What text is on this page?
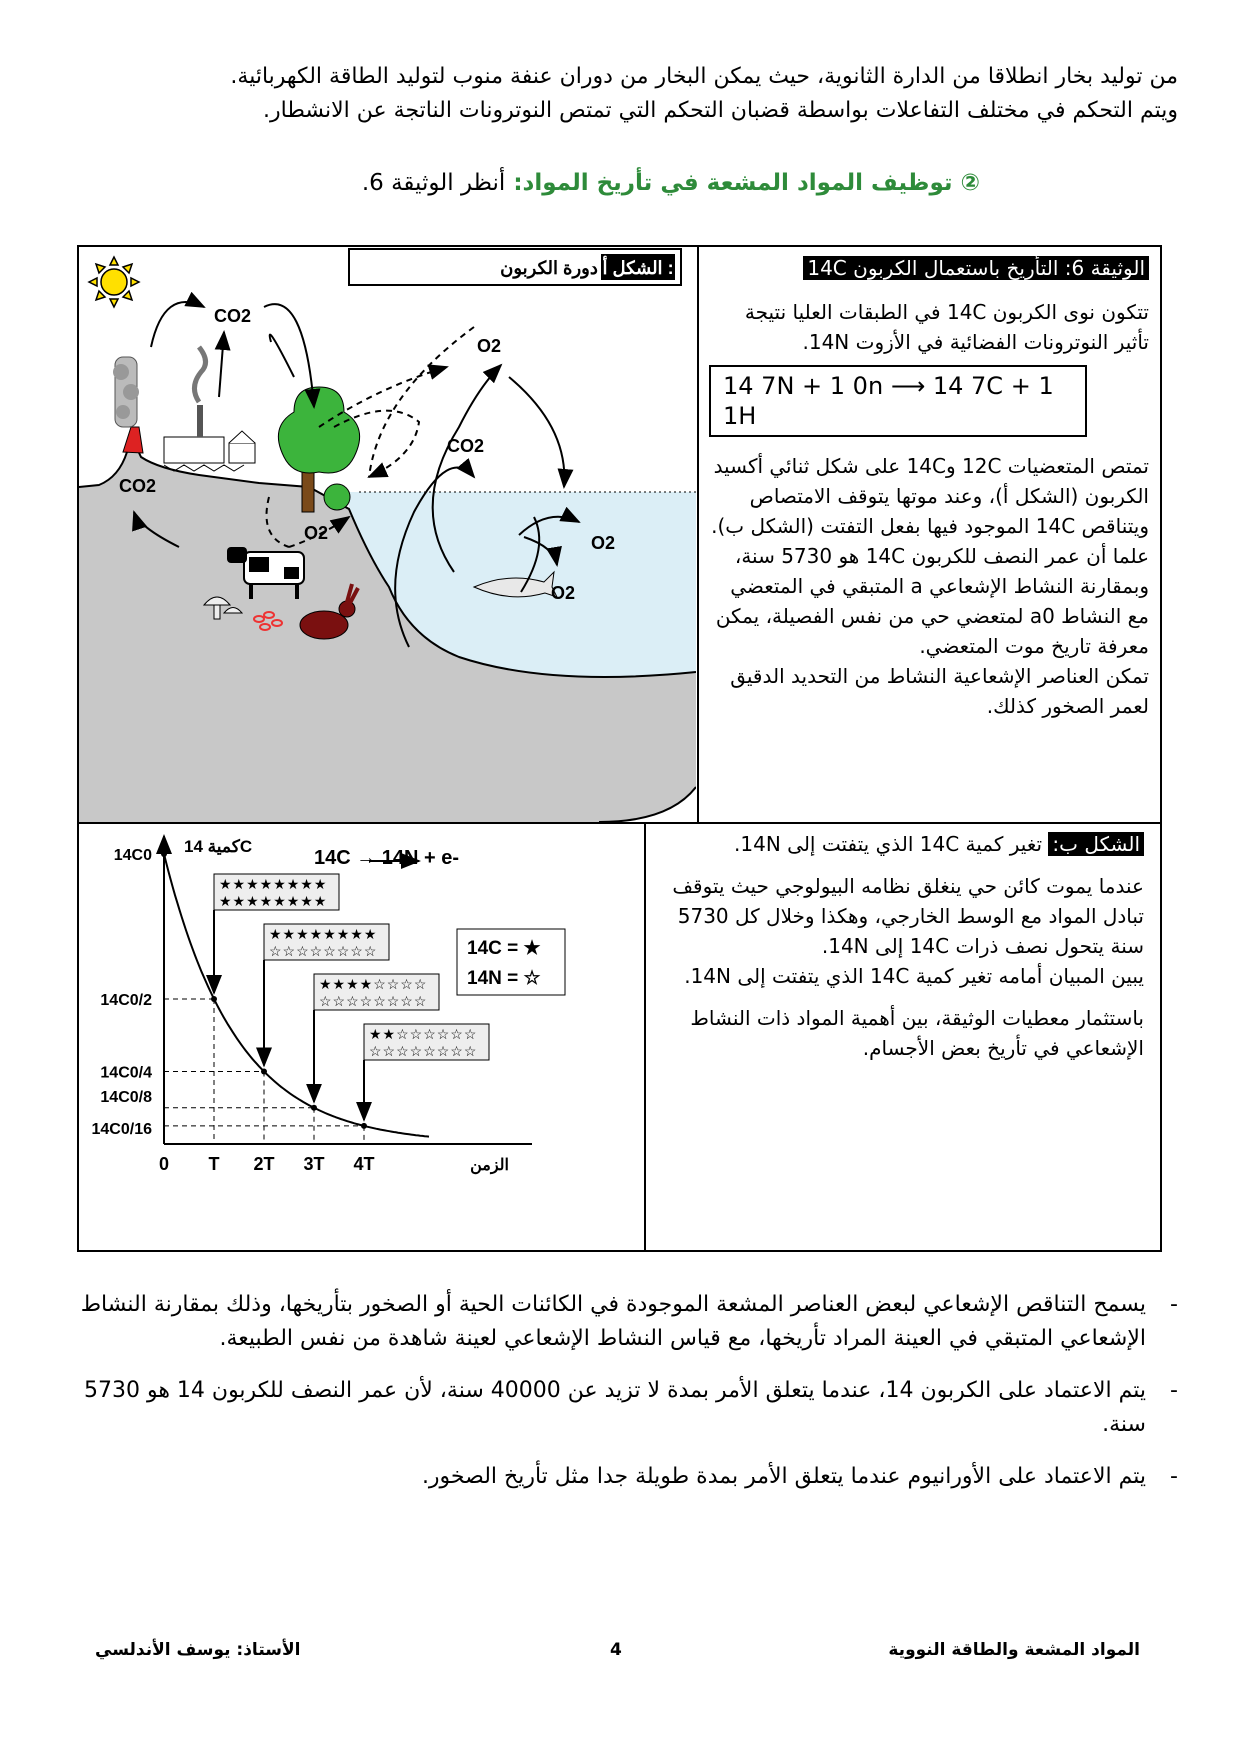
من توليد بخار انطلاقا من الدارة الثانوية، حيث يمكن البخار من دوران عنفة منوب لتوليد الطاقة الكهربائية.
ويتم التحكم في مختلف التفاعلات بواسطة قضبان التحكم التي تمتص النوترونات الناتجة عن الانشطار.
② توظيف المواد المشعة في تأريخ المواد: أنظر الوثيقة 6.
الوثيقة 6: التأريخ باستعمال الكربون 14C
تتكون نوى الكربون 14C في الطبقات العليا نتيجة تأثير النوترونات الفضائية في الأزوت 14N.
14 7N + 1 0n ⟶ 14 7C + 1 1H
تمتص المتعضيات 12C و14C على شكل ثنائي أكسيد الكربون (الشكل أ)، وعند موتها يتوقف الامتصاص ويتناقص 14C الموجود فيها بفعل التفتت (الشكل ب).
علما أن عمر النصف للكربون 14C هو 5730 سنة، وبمقارنة النشاط الإشعاعي a المتبقي في المتعضي مع النشاط a0 لمتعضي حي من نفس الفصيلة، يمكن معرفة تاريخ موت المتعضي.
تمكن العناصر الإشعاعية النشاط من التحديد الدقيق لعمر الصخور كذلك.
الشكل أ :
دورة الكربون
CO2
CO2
CO2
O2
O2	O2
O2
الشكل ب: تغير كمية 14C الذي يتفتت إلى 14N.
عندما يموت كائن حي ينغلق نظامه البيولوجي حيث يتوقف تبادل المواد مع الوسط الخارجي، وهكذا وخلال كل 5730 سنة يتحول نصف ذرات 14C إلى 14N.
يبين المبيان أمامه تغير كمية 14C الذي يتفتت إلى 14N.
باستثمار معطيات الوثيقة، بين أهمية المواد ذات النشاط الإشعاعي في تأريخ بعض الأجسام.
0 T 2T 3T 4T
14C0
14C0/2
14C0/4
14C0/8
14C0/16
كمية 14C
الزمن
14C → 14N + e-
★★★★★★★★
★★★★★★★★
★★★★★★★★
☆☆☆☆☆☆☆☆
★★★★☆☆☆☆
☆☆☆☆☆☆☆☆
★★☆☆☆☆☆☆
☆☆☆☆☆☆☆☆
14C = ★
14N = ☆
-
يسمح التناقص الإشعاعي لبعض العناصر المشعة الموجودة في الكائنات الحية أو الصخور بتأريخها، وذلك بمقارنة النشاط الإشعاعي المتبقي في العينة المراد تأريخها، مع قياس النشاط الإشعاعي لعينة شاهدة من نفس الطبيعة.
-
يتم الاعتماد على الكربون 14، عندما يتعلق الأمر بمدة لا تزيد عن 40000 سنة، لأن عمر النصف للكربون 14 هو 5730 سنة.
-
يتم الاعتماد على الأورانيوم عندما يتعلق الأمر بمدة طويلة جدا مثل تأريخ الصخور.
المواد المشعة والطاقة النووية
4
الأستاذ: يوسف الأندلسي
